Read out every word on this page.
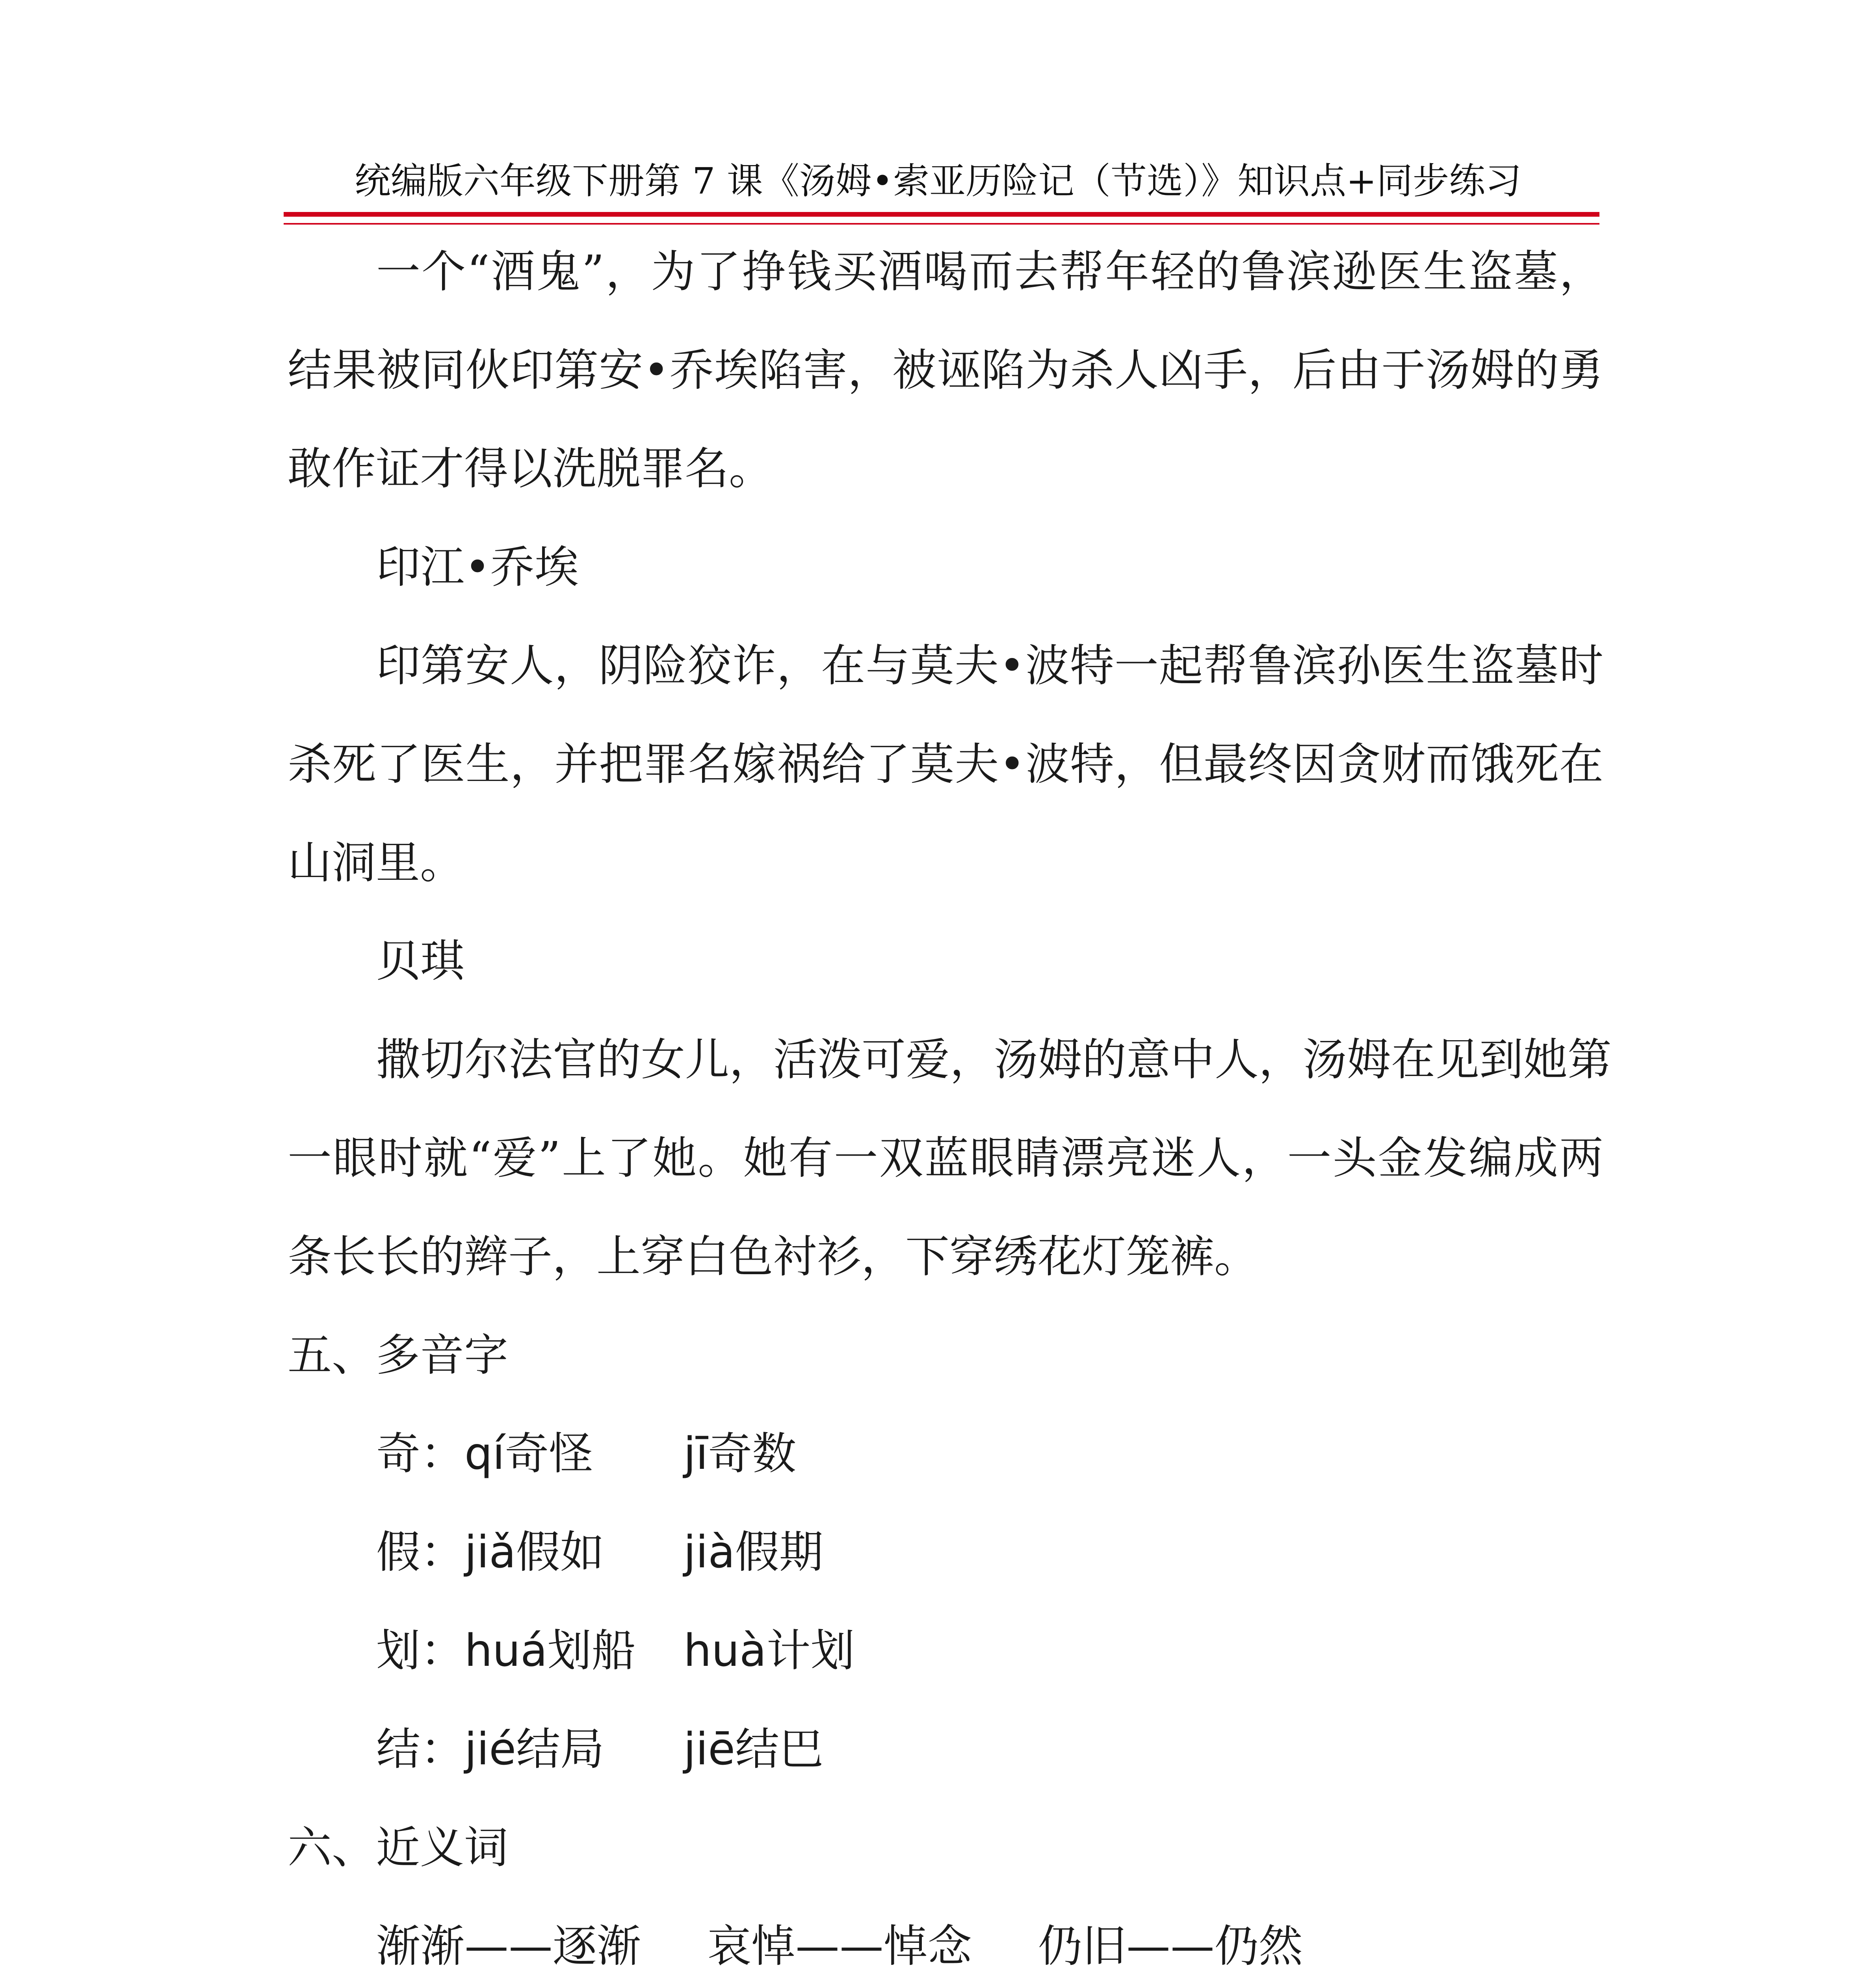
统编版六年级下册第 7 课《汤姆•索亚历险记（节选）》知识点+同步练习
一个“酒鬼”，为了挣钱买酒喝而去帮年轻的鲁滨逊医生盗墓，
结果被同伙印第安•乔埃陷害，被诬陷为杀人凶手，后由于汤姆的勇
敢作证才得以洗脱罪名。
印江•乔埃
印第安人，阴险狡诈，在与莫夫•波特一起帮鲁滨孙医生盗墓时
杀死了医生，并把罪名嫁祸给了莫夫•波特，但最终因贪财而饿死在
山洞里。
贝琪
撒切尔法官的女儿，活泼可爱，汤姆的意中人，汤姆在见到她第
一眼时就“爱”上了她。她有一双蓝眼睛漂亮迷人，一头金发编成两
条长长的辫子，上穿白色衬衫，下穿绣花灯笼裤。
五、多音字
奇：qí奇怪 jī奇数
假：jiǎ假如 jià假期
划：huá划船 huà计划
结：jié结局 jiē结巴
六、近义词
渐渐——逐渐 哀悼——悼念 仍旧——仍然
